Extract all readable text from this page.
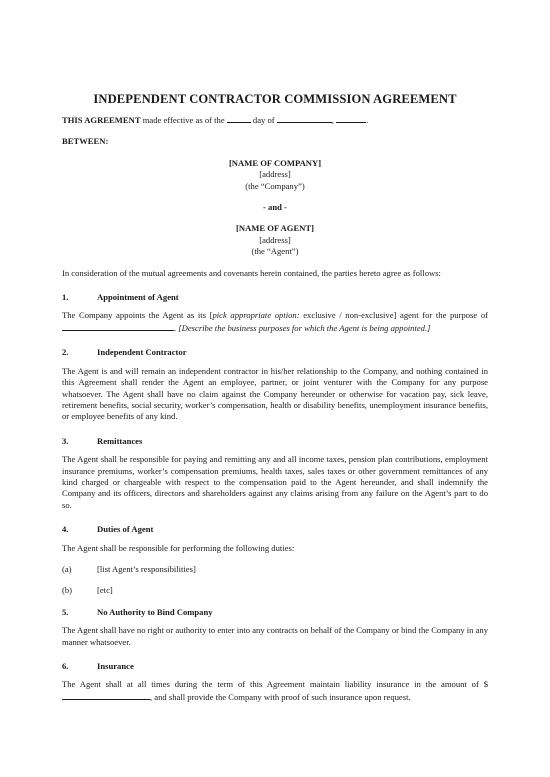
INDEPENDENT CONTRACTOR COMMISSION AGREEMENT

THIS AGREEMENT made effective as of the	day of	,	.

BETWEEN:

[NAME OF COMPANY]

[address]

(the “Company”)

- and -

[NAME OF AGENT]

[address]

(the “Agent”)

In consideration of the mutual agreements and covenants herein contained, the parties hereto agree as follows:

1.	Appointment of Agent

The Company appoints the Agent as its [pick appropriate option: exclusive / non-exclusive] agent for the purpose of . [Describe the business purposes for which the Agent is being appointed.]

2.	Independent Contractor

The Agent is and will remain an independent contractor in his/her relationship to the Company, and nothing contained in this Agreement shall render the Agent an employee, partner, or joint venturer with the Company for any purpose whatsoever. The Agent shall have no claim against the Company hereunder or otherwise for vacation pay, sick leave, retirement benefits, social security, worker’s compensation, health or disability benefits, unemployment insurance benefits, or employee benefits of any kind.

3.	Remittances

The Agent shall be responsible for paying and remitting any and all income taxes, pension plan contributions, employment insurance premiums, worker’s compensation premiums, health taxes, sales taxes or other government remittances of any kind charged or chargeable with respect to the compensation paid to the Agent hereunder, and shall indemnify the Company and its officers, directors and shareholders against any claims arising from any failure on the Agent’s part to do so.

4.	Duties of Agent

The Agent shall be responsible for performing the following duties:

(a)	[list Agent’s responsibilities]
(b)	[etc]
5.	No Authority to Bind Company

The Agent shall have no right or authority to enter into any contracts on behalf of the Company or bind the Company in any manner whatsoever.

6.	Insurance

The Agent shall at all times during the term of this Agreement maintain liability insurance in the amount of $, and shall provide the Company with proof of such insurance upon request.
